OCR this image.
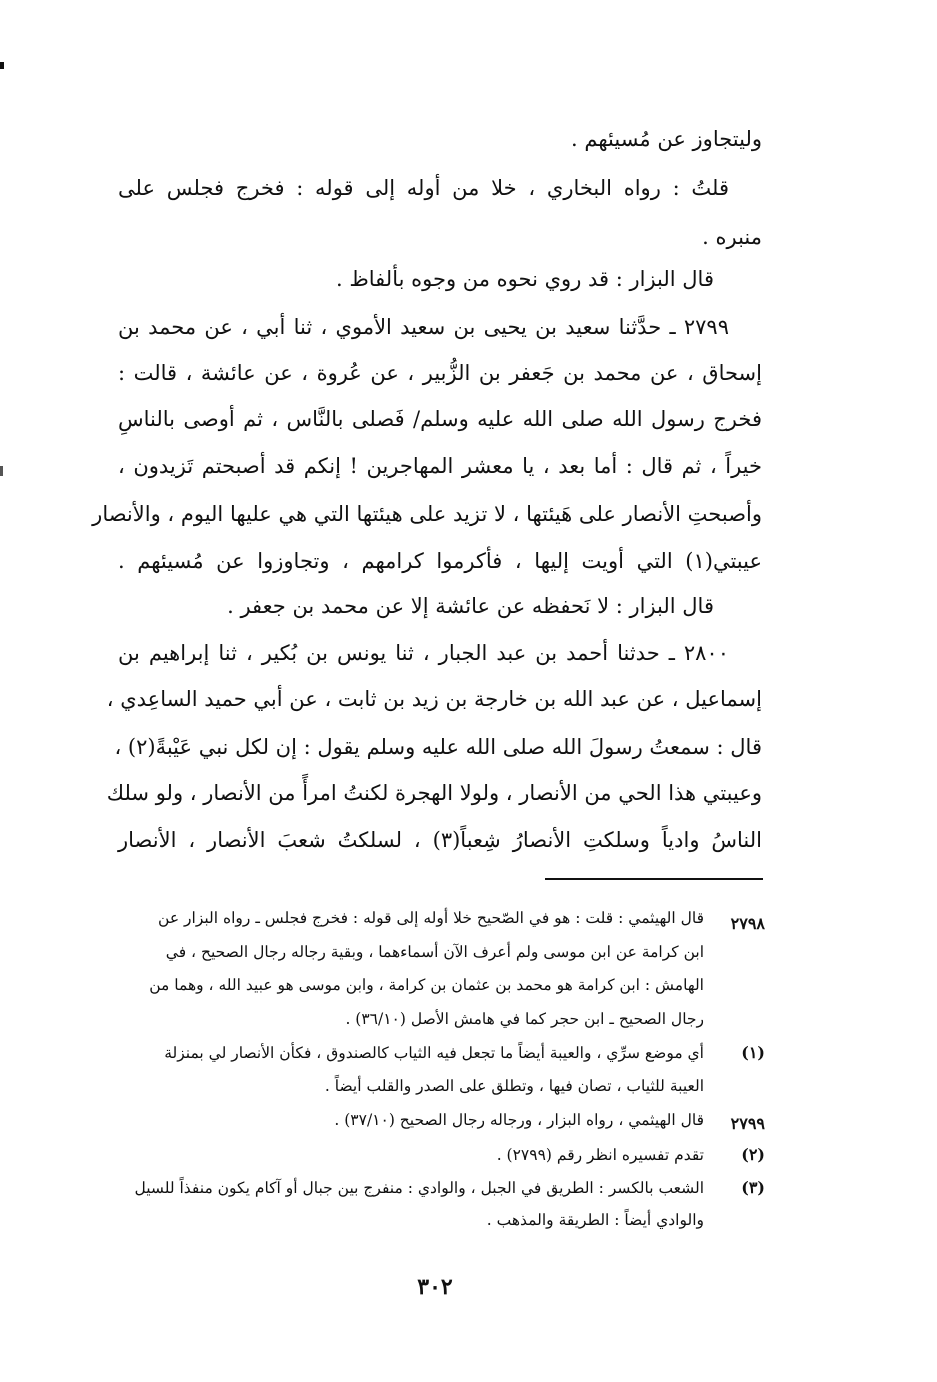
وليتجاوز عن مُسيئهم .
قلتُ : رواه البخاري ، خلا من أوله إلى قوله : فخرج فجلس على
منبره .
قال البزار : قد روي نحوه من وجوه بألفاظ .
٢٧٩٩ ـ حدَّثنا سعيد بن يحيى بن سعيد الأموي ، ثنا أبي ، عن محمد بن
إسحاق ، عن محمد بن جَعفر بن الزُّبير ، عن عُروة ، عن عائشة ، قالت :
فخرج رسول الله صلى الله عليه وسلم/ فَصلى بالنَّاس ، ثم أوصى بالناسِ
خيراً ، ثم قال : أما بعد ، يا معشر المهاجرين ! إنكم قد أصبحتم تَزيدون ،
وأصبحتِ الأنصار على هَيئتها ، لا تزيد على هيئتها التي هي عليها اليوم ، والأنصار
عيبتي(١) التي أويت إليها ، فأكرموا كرامهم ، وتجاوزوا عن مُسيئهم .
قال البزار : لا نَحفظه عن عائشة إلا عن محمد بن جعفر .
٢٨٠٠ ـ حدثنا أحمد بن عبد الجبار ، ثنا يونس بن بُكير ، ثنا إبراهيم بن
إسماعيل ، عن عبد الله بن خارجة بن زيد بن ثابت ، عن أبي حميد الساعِدي ،
قال : سمعتُ رسولَ الله صلى الله عليه وسلم يقول : إن لكل نبي عَيْبةً(٢) ،
وعيبتي هذا الحي من الأنصار ، ولولا الهجرة لكنتُ امرأً من الأنصار ، ولو سلك
الناسُ وادياً وسلكتِ الأنصارُ شِعباً(٣) ، لسلكتُ شعبَ الأنصار ، الأنصار
٢٧٩٨
قال الهيثمي : قلت : هو في الصّحيح خلا أوله إلى قوله : فخرج فجلس ـ رواه البزار عن
ابن كرامة عن ابن موسى ولم أعرف الآن أسماءهما ، وبقية رجاله رجال الصحيح ، في
الهامش : ابن كرامة هو محمد بن عثمان بن كرامة ، وابن موسى هو عبيد الله ، وهما من
رجال الصحيح ـ ابن حجر كما في هامش الأصل (٣٦/١٠) .
(١)
أي موضع سرِّي ، والعيبة أيضاً ما تجعل فيه الثياب كالصندوق ، فكأن الأنصار لي بمنزلة
العيبة للثياب ، تصان فيها ، وتطلق على الصدر والقلب أيضاً .
٢٧٩٩
قال الهيثمي ، رواه البزار ، ورجاله رجال الصحيح (٣٧/١٠) .
(٢)
تقدم تفسيره انظر رقم (٢٧٩٩) .
(٣)
الشعب بالكسر : الطريق في الجبل ، والوادي : منفرج بين جبال أو آكام يكون منفذاً للسيل
والوادي أيضاً : الطريقة والمذهب .
٣٠٢
